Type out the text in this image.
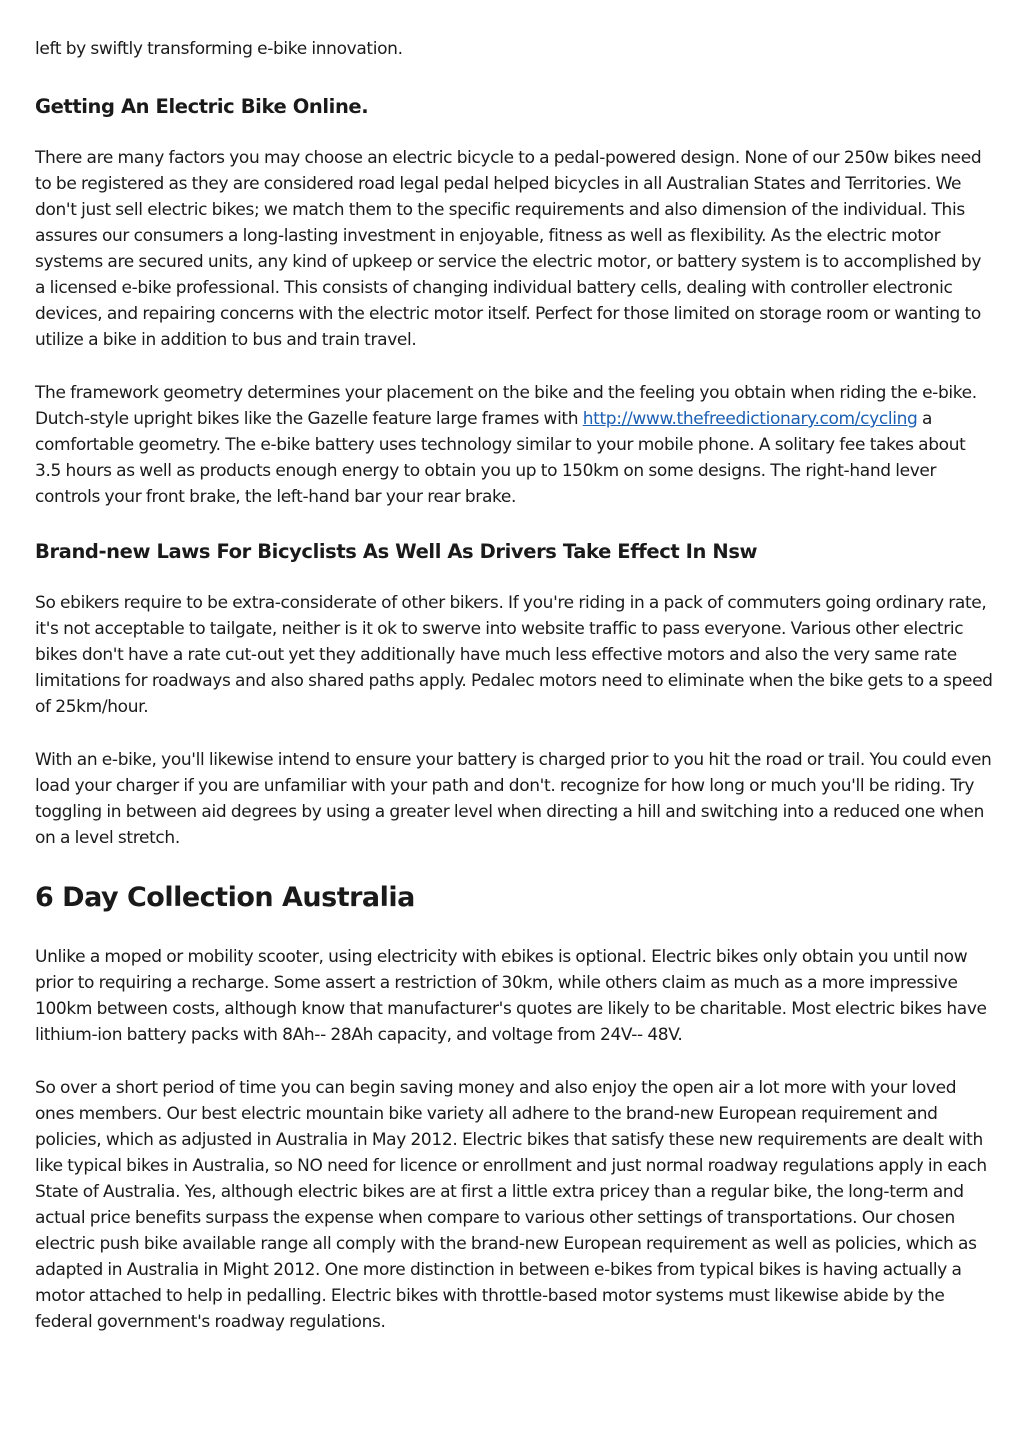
left by swiftly transforming e-bike innovation.

Getting An Electric Bike Online.

There are many factors you may choose an electric bicycle to a pedal-powered design. None of our 250w bikes need to be registered as they are considered road legal pedal helped bicycles in all Australian States and Territories. We don't just sell electric bikes; we match them to the specific requirements and also dimension of the individual. This assures our consumers a long-lasting investment in enjoyable, fitness as well as flexibility. As the electric motor systems are secured units, any kind of upkeep or service the electric motor, or battery system is to accomplished by a licensed e-bike professional. This consists of changing individual battery cells, dealing with controller electronic devices, and repairing concerns with the electric motor itself. Perfect for those limited on storage room or wanting to utilize a bike in addition to bus and train travel.

The framework geometry determines your placement on the bike and the feeling you obtain when riding the e-bike. Dutch-style upright bikes like the Gazelle feature large frames with http://www.thefreedictionary.com/cycling a comfortable geometry. The e-bike battery uses technology similar to your mobile phone. A solitary fee takes about 3.5 hours as well as products enough energy to obtain you up to 150km on some designs. The right-hand lever controls your front brake, the left-hand bar your rear brake.

Brand-new Laws For Bicyclists As Well As Drivers Take Effect In Nsw

So ebikers require to be extra-considerate of other bikers. If you're riding in a pack of commuters going ordinary rate, it's not acceptable to tailgate, neither is it ok to swerve into website traffic to pass everyone. Various other electric bikes don't have a rate cut-out yet they additionally have much less effective motors and also the very same rate limitations for roadways and also shared paths apply. Pedalec motors need to eliminate when the bike gets to a speed of 25km/hour.

With an e-bike, you'll likewise intend to ensure your battery is charged prior to you hit the road or trail. You could even load your charger if you are unfamiliar with your path and don't. recognize for how long or much you'll be riding. Try toggling in between aid degrees by using a greater level when directing a hill and switching into a reduced one when on a level stretch.

6 Day Collection Australia

Unlike a moped or mobility scooter, using electricity with ebikes is optional. Electric bikes only obtain you until now prior to requiring a recharge. Some assert a restriction of 30km, while others claim as much as a more impressive 100km between costs, although know that manufacturer's quotes are likely to be charitable. Most electric bikes have lithium-ion battery packs with 8Ah-- 28Ah capacity, and voltage from 24V-- 48V.

So over a short period of time you can begin saving money and also enjoy the open air a lot more with your loved ones members. Our best electric mountain bike variety all adhere to the brand-new European requirement and policies, which as adjusted in Australia in May 2012. Electric bikes that satisfy these new requirements are dealt with like typical bikes in Australia, so NO need for licence or enrollment and just normal roadway regulations apply in each State of Australia. Yes, although electric bikes are at first a little extra pricey than a regular bike, the long-term and actual price benefits surpass the expense when compare to various other settings of transportations. Our chosen electric push bike available range all comply with the brand-new European requirement as well as policies, which as adapted in Australia in Might 2012. One more distinction in between e-bikes from typical bikes is having actually a motor attached to help in pedalling. Electric bikes with throttle-based motor systems must likewise abide by the federal government's roadway regulations.
